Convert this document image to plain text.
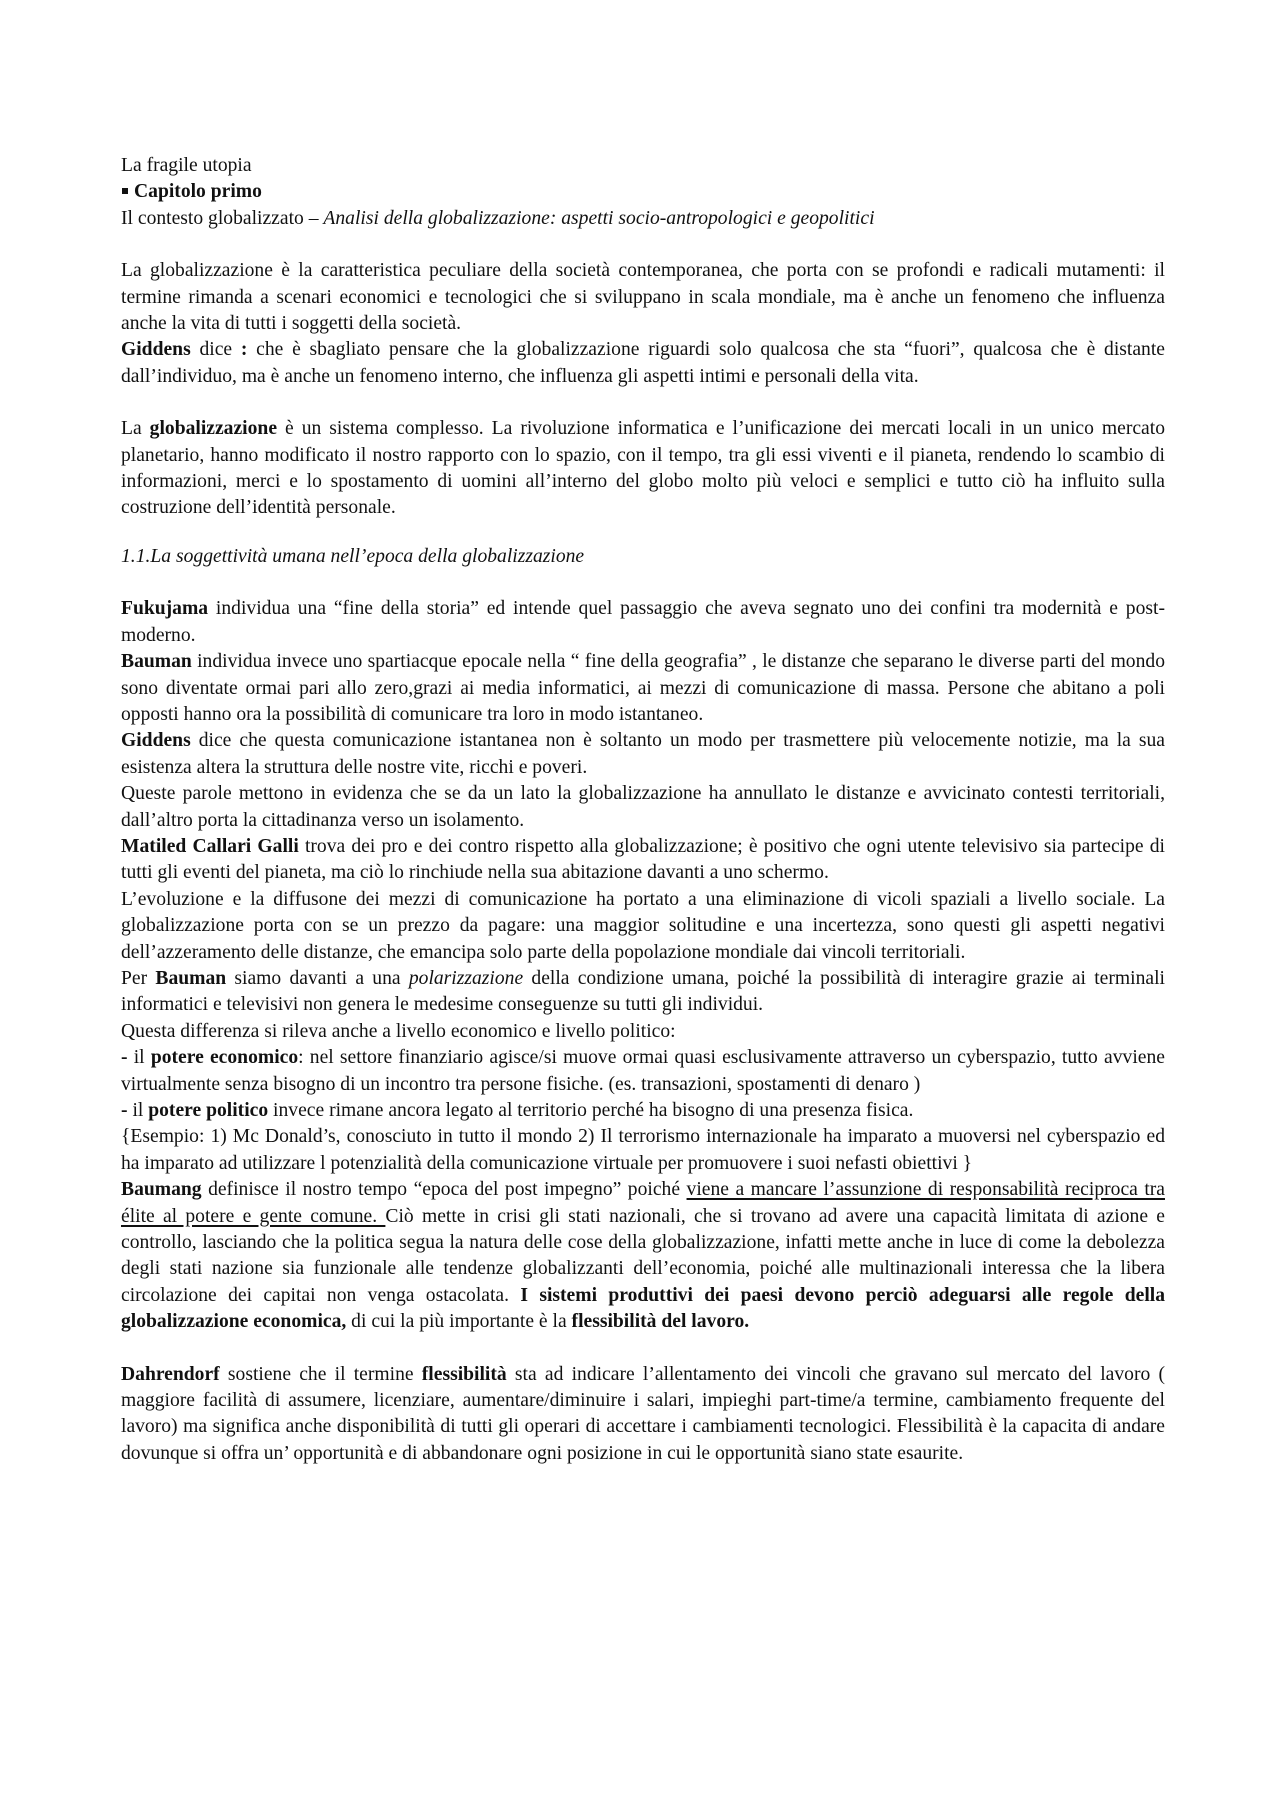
La fragile utopia

Capitolo primo

Il contesto globalizzato – Analisi della globalizzazione: aspetti socio-antropologici e geopolitici

La globalizzazione è la caratteristica peculiare della società contemporanea, che porta con se profondi e radicali mutamenti: il termine rimanda a scenari economici e tecnologici che si sviluppano in scala mondiale, ma è anche un fenomeno che influenza anche la vita di tutti i soggetti della società.

Giddens dice : che è sbagliato pensare che la globalizzazione riguardi solo qualcosa che sta “fuori”, qualcosa che è distante dall’individuo, ma è anche un fenomeno interno, che influenza gli aspetti intimi e personali della vita.

La globalizzazione è un sistema complesso. La rivoluzione informatica e l’unificazione dei mercati locali in un unico mercato planetario, hanno modificato il nostro rapporto con lo spazio, con il tempo, tra gli essi viventi e il pianeta, rendendo lo scambio di informazioni, merci e lo spostamento di uomini all’interno del globo molto più veloci e semplici e tutto ciò ha influito sulla costruzione dell’identità personale.

1.1.La soggettività umana nell’epoca della globalizzazione

Fukujama individua una “fine della storia” ed intende quel passaggio che aveva segnato uno dei confini tra modernità e post-moderno.

Bauman individua invece uno spartiacque epocale nella “ fine della geografia” , le distanze che separano le diverse parti del mondo sono diventate ormai pari allo zero,grazi ai media informatici, ai mezzi di comunicazione di massa. Persone che abitano a poli opposti hanno ora la possibilità di comunicare tra loro in modo istantaneo.

Giddens dice che questa comunicazione istantanea non è soltanto un modo per trasmettere più velocemente notizie, ma la sua esistenza altera la struttura delle nostre vite, ricchi e poveri.

Queste parole mettono in evidenza che se da un lato la globalizzazione ha annullato le distanze e avvicinato contesti territoriali, dall’altro porta la cittadinanza verso un isolamento.

Matiled Callari Galli trova dei pro e dei contro rispetto alla globalizzazione; è positivo che ogni utente televisivo sia partecipe di tutti gli eventi del pianeta, ma ciò lo rinchiude nella sua abitazione davanti a uno schermo.

L’evoluzione e la diffusone dei mezzi di comunicazione ha portato a una eliminazione di vicoli spaziali a livello sociale. La globalizzazione porta con se un prezzo da pagare: una maggior solitudine e una incertezza, sono questi gli aspetti negativi dell’azzeramento delle distanze, che emancipa solo parte della popolazione mondiale dai vincoli territoriali.

Per Bauman siamo davanti a una polarizzazione della condizione umana, poiché la possibilità di interagire grazie ai terminali informatici e televisivi non genera le medesime conseguenze su tutti gli individui.

Questa differenza si rileva anche a livello economico e livello politico:

- il potere economico: nel settore finanziario agisce/si muove ormai quasi esclusivamente attraverso un cyberspazio, tutto avviene virtualmente senza bisogno di un incontro tra persone fisiche. (es. transazioni, spostamenti di denaro )

- il potere politico invece rimane ancora legato al territorio perché ha bisogno di una presenza fisica.

{Esempio: 1) Mc Donald’s, conosciuto in tutto il mondo 2) Il terrorismo internazionale ha imparato a muoversi nel cyberspazio ed ha imparato ad utilizzare l potenzialità della comunicazione virtuale per promuovere i suoi nefasti obiettivi }

Baumang definisce il nostro tempo “epoca del post impegno” poiché viene a mancare l’assunzione di responsabilità reciproca tra élite al potere e gente comune. Ciò mette in crisi gli stati nazionali, che si trovano ad avere una capacità limitata di azione e controllo, lasciando che la politica segua la natura delle cose della globalizzazione, infatti mette anche in luce di come la debolezza degli stati nazione sia funzionale alle tendenze globalizzanti dell’economia, poiché alle multinazionali interessa che la libera circolazione dei capitai non venga ostacolata. I sistemi produttivi dei paesi devono perciò adeguarsi alle regole della globalizzazione economica, di cui la più importante è la flessibilità del lavoro.

Dahrendorf sostiene che il termine flessibilità sta ad indicare l’allentamento dei vincoli che gravano sul mercato del lavoro ( maggiore facilità di assumere, licenziare, aumentare/diminuire i salari, impieghi part-time/a termine, cambiamento frequente del lavoro) ma significa anche disponibilità di tutti gli operari di accettare i cambiamenti tecnologici. Flessibilità è la capacita di andare dovunque si offra un’ opportunità e di abbandonare ogni posizione in cui le opportunità siano state esaurite.
